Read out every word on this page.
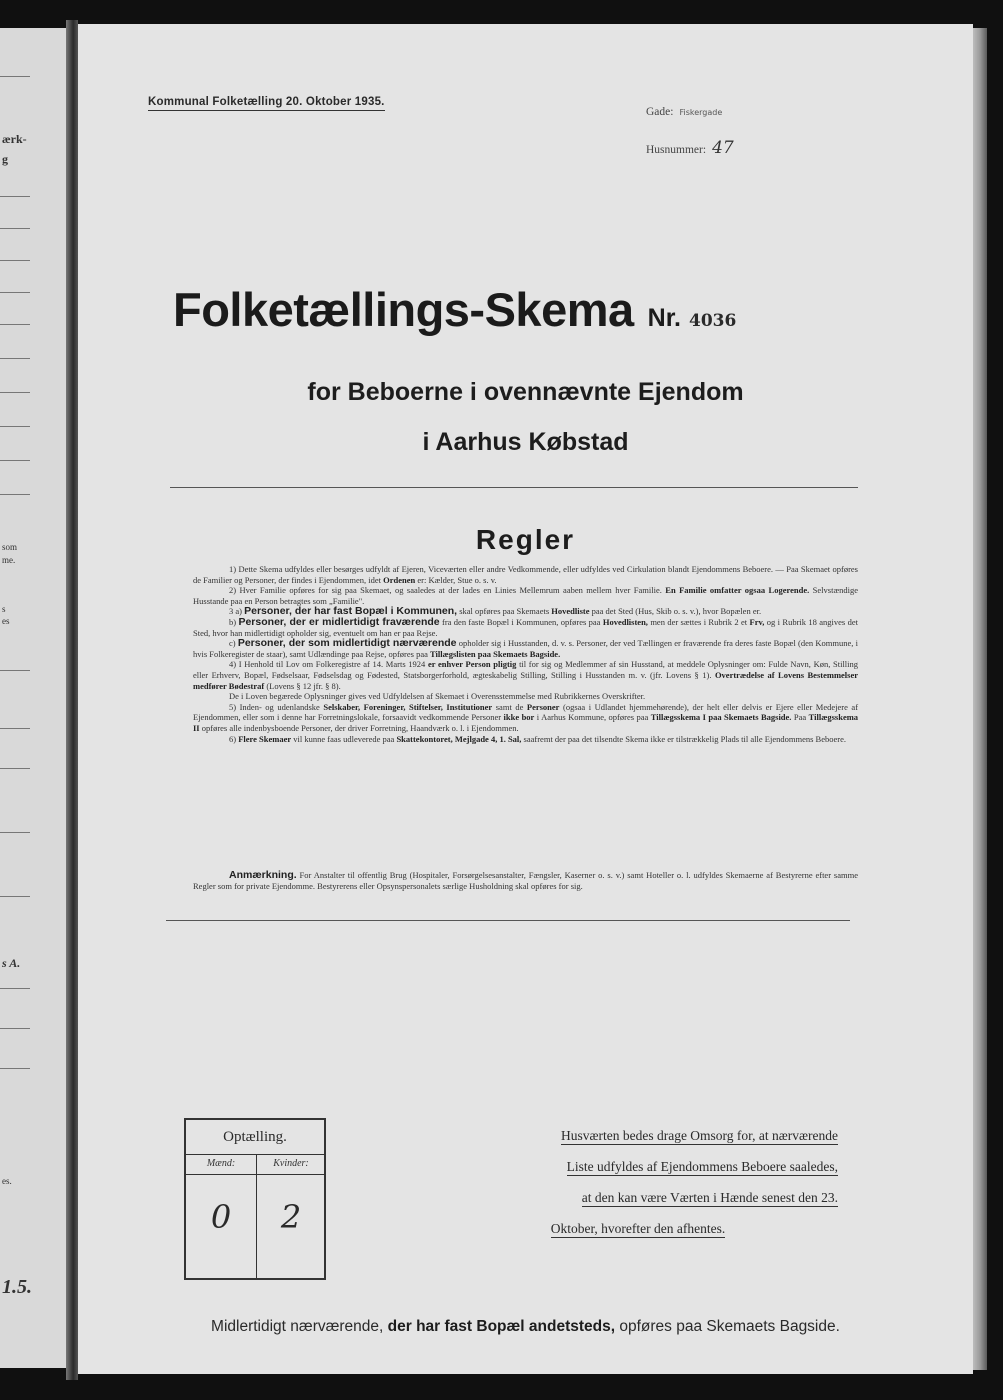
ærk-
g
som
me.
s
es
s A.
es.
1.5.
Kommunal Folketælling 20. Oktober 1935.
Gade: Fiskergade
Husnummer: 47
Folketællings-Skema Nr. 4036
for Beboerne i ovennævnte Ejendom
i Aarhus Købstad
Regler

1) Dette Skema udfyldes eller besørges udfyldt af Ejeren, Viceværten eller andre Vedkommende, eller udfyldes ved Cirkulation blandt Ejendommens Beboere. — Paa Skemaet opføres de Familier og Personer, der findes i Ejendommen, idet Ordenen er: Kælder, Stue o. s. v.

2) Hver Familie opføres for sig paa Skemaet, og saaledes at der lades en Linies Mellemrum aaben mellem hver Familie. En Familie omfatter ogsaa Logerende. Selvstændige Husstande paa en Person betragtes som „Familie".

3 a) Personer, der har fast Bopæl i Kommunen, skal opføres paa Skemaets Hovedliste paa det Sted (Hus, Skib o. s. v.), hvor Bopælen er.

b) Personer, der er midlertidigt fraværende fra den faste Bopæl i Kommunen, opføres paa Hovedlisten, men der sættes i Rubrik 2 et Frv, og i Rubrik 18 angives det Sted, hvor han midlertidigt opholder sig, eventuelt om han er paa Rejse.

c) Personer, der som midlertidigt nærværende opholder sig i Husstanden, d. v. s. Personer, der ved Tællingen er fraværende fra deres faste Bopæl (den Kommune, i hvis Folkeregister de staar), samt Udlændinge paa Rejse, opføres paa Tillægslisten paa Skemaets Bagside.

4) I Henhold til Lov om Folkeregistre af 14. Marts 1924 er enhver Person pligtig til for sig og Medlemmer af sin Husstand, at meddele Oplysninger om: Fulde Navn, Køn, Stilling eller Erhverv, Bopæl, Fødselsaar, Fødselsdag og Fødested, Statsborgerforhold, ægteskabelig Stilling, Stilling i Husstanden m. v. (jfr. Lovens § 1). Overtrædelse af Lovens Bestemmelser medfører Bødestraf (Lovens § 12 jfr. § 8).

De i Loven begærede Oplysninger gives ved Udfyldelsen af Skemaet i Overensstemmelse med Rubrikkernes Overskrifter.

5) Inden- og udenlandske Selskaber, Foreninger, Stiftelser, Institutioner samt de Personer (ogsaa i Udlandet hjemmehørende), der helt eller delvis er Ejere eller Medejere af Ejendommen, eller som i denne har Forretningslokale, forsaavidt vedkommende Personer ikke bor i Aarhus Kommune, opføres paa Tillægsskema I paa Skemaets Bagside. Paa Tillægsskema II opføres alle indenbysboende Personer, der driver Forretning, Haandværk o. l. i Ejendommen.

6) Flere Skemaer vil kunne faas udleverede paa Skattekontoret, Mejlgade 4, 1. Sal, saafremt der paa det tilsendte Skema ikke er tilstrækkelig Plads til alle Ejendommens Beboere.

Anmærkning. For Anstalter til offentlig Brug (Hospitaler, Forsørgelsesanstalter, Fængsler, Kaserner o. s. v.) samt Hoteller o. l. udfyldes Skemaerne af Bestyrerne efter samme Regler som for private Ejendomme. Bestyrerens eller Opsynspersonalets særlige Husholdning skal opføres for sig.
Optælling.
Mænd:	Kvinder:
0	2
Husværten bedes drage Omsorg for, at nærværende
Liste udfyldes af Ejendommens Beboere saaledes,
at den kan være Værten i Hænde senest den 23.
Oktober, hvorefter den afhentes.
Midlertidigt nærværende, der har fast Bopæl andetsteds, opføres paa Skemaets Bagside.
